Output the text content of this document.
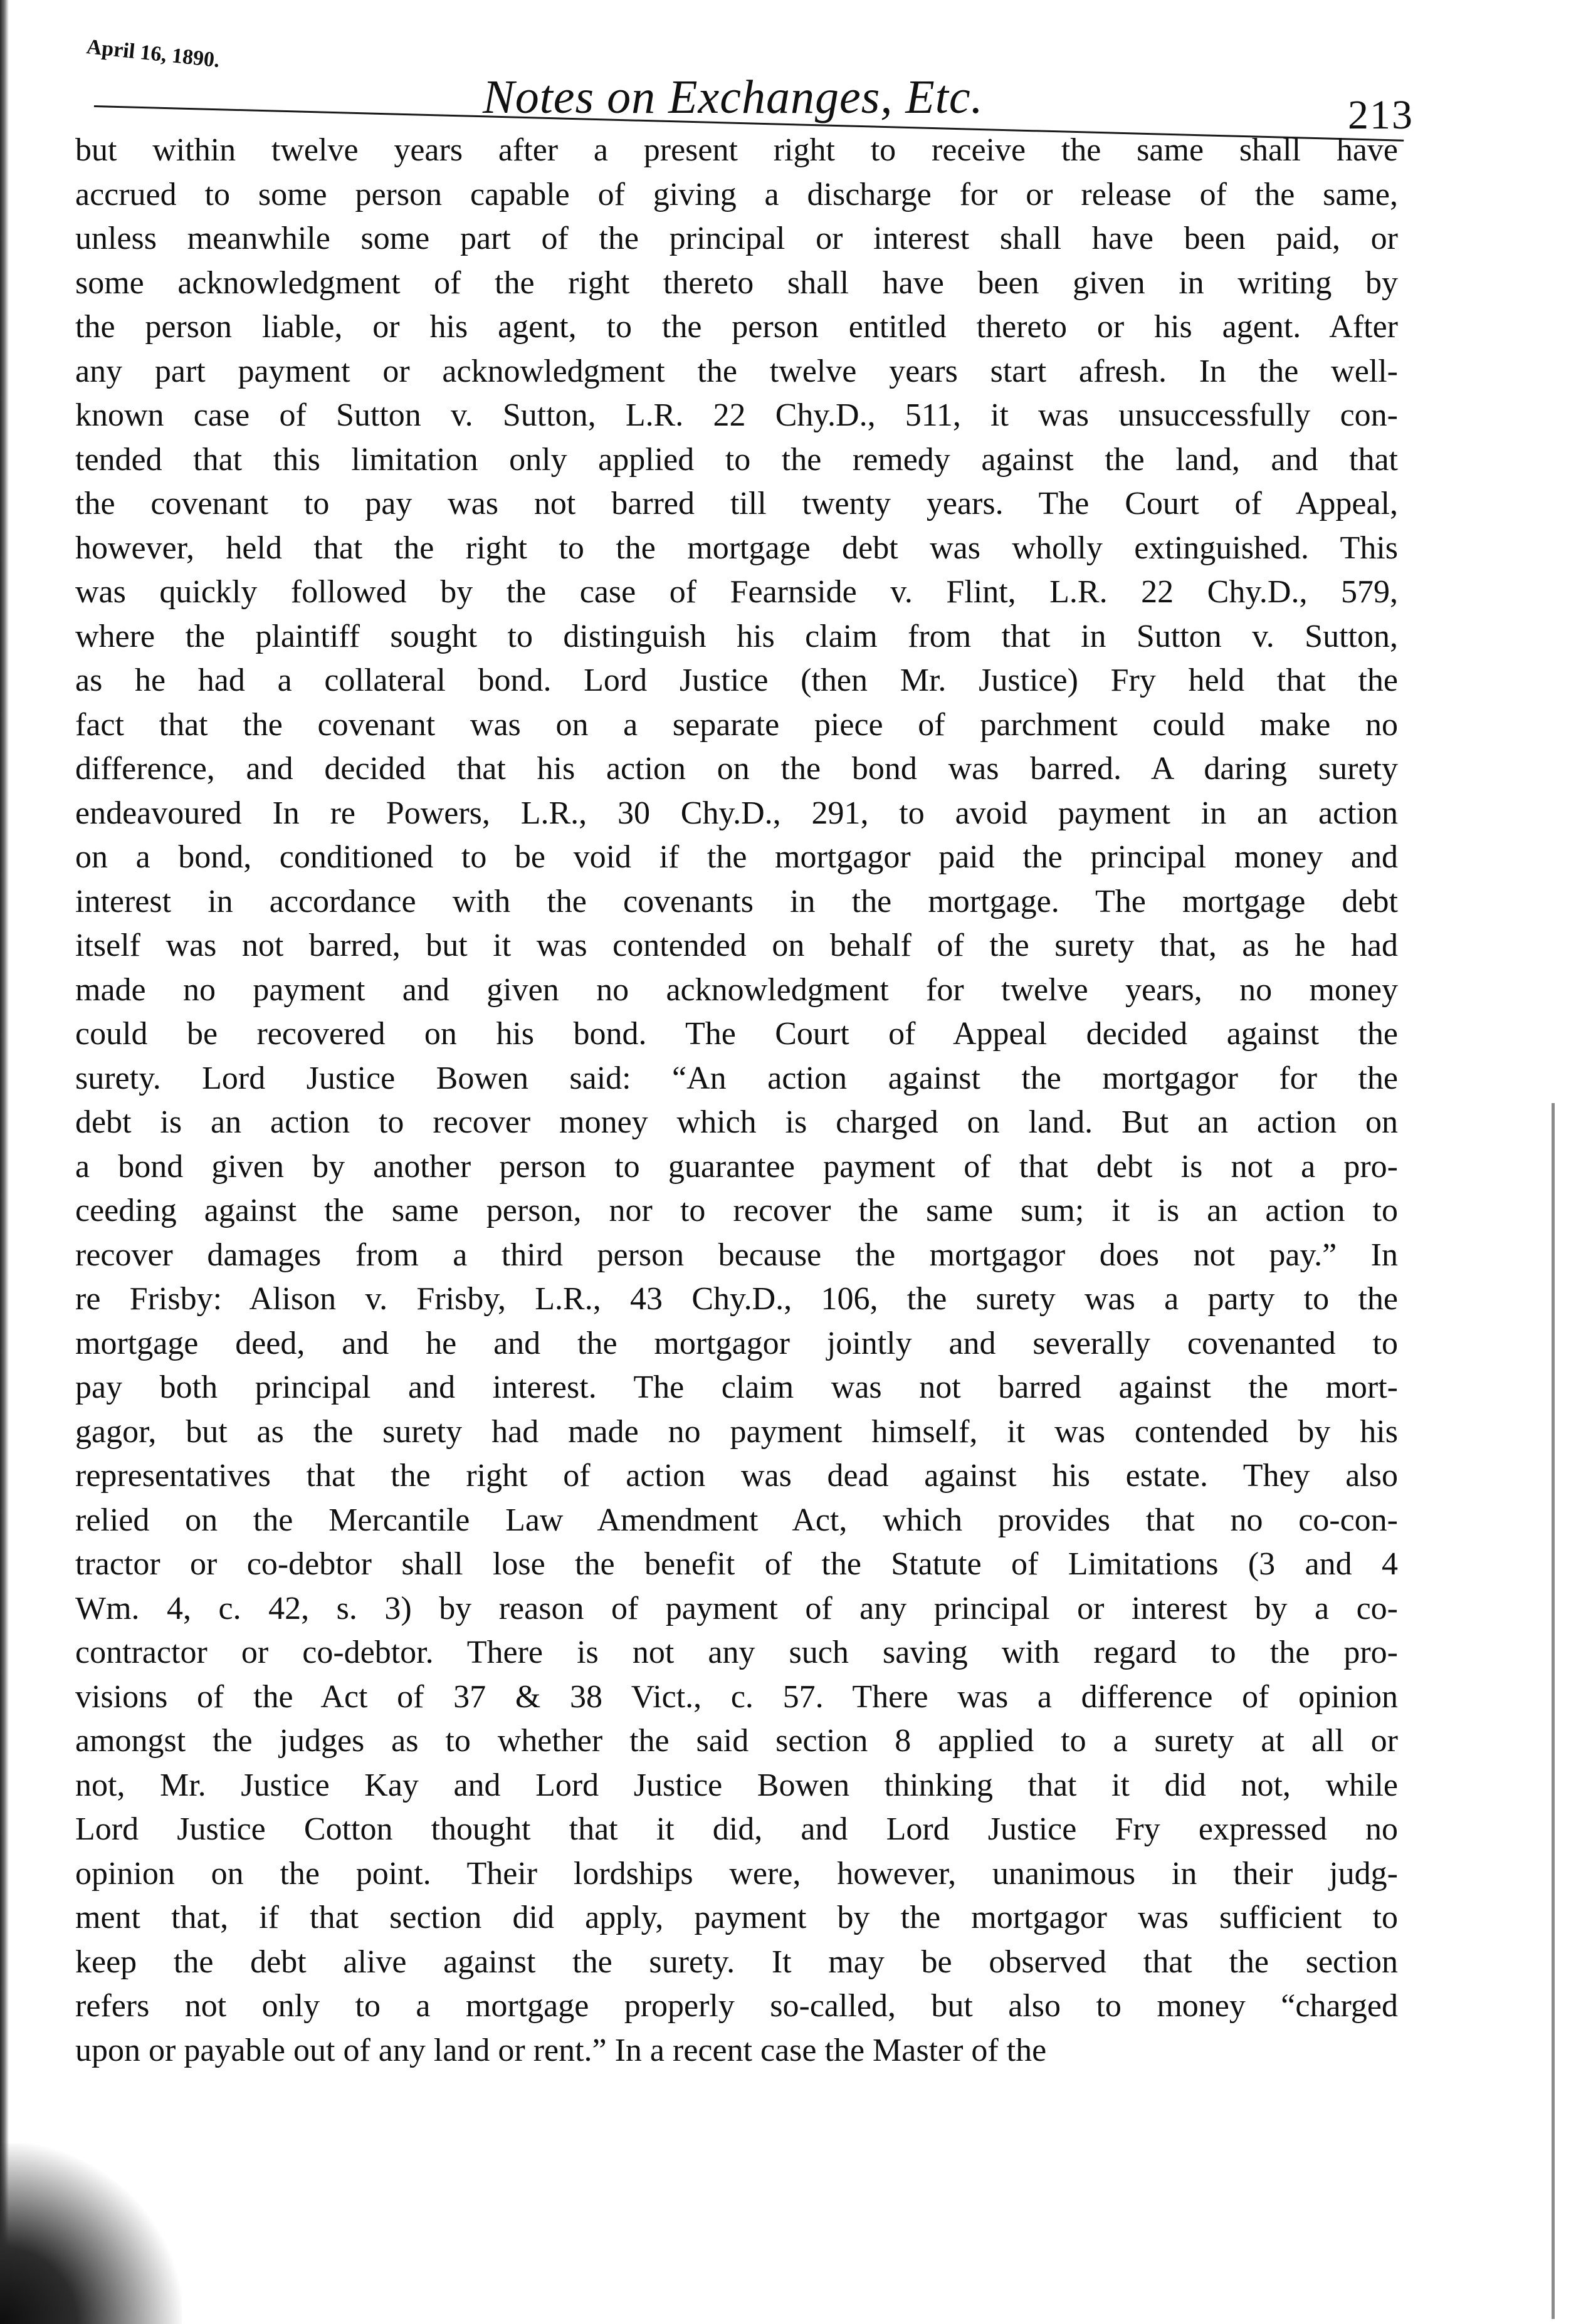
April 16, 1890.
Notes on Exchanges, Etc.	213
but within twelve years after a present right to receive the same shall have
accrued to some person capable of giving a discharge for or release of the same,
unless meanwhile some part of the principal or interest shall have been paid, or
some acknowledgment of the right thereto shall have been given in writing by
the person liable, or his agent, to the person entitled thereto or his agent. After
any part payment or acknowledgment the twelve years start afresh. In the well-
known case of Sutton v. Sutton, L.R. 22 Chy.D., 511, it was unsuccessfully con-
tended that this limitation only applied to the remedy against the land, and that
the covenant to pay was not barred till twenty years. The Court of Appeal,
however, held that the right to the mortgage debt was wholly extinguished. This
was quickly followed by the case of Fearnside v. Flint, L.R. 22 Chy.D., 579,
where the plaintiff sought to distinguish his claim from that in Sutton v. Sutton,
as he had a collateral bond. Lord Justice (then Mr. Justice) Fry held that the
fact that the covenant was on a separate piece of parchment could make no
difference, and decided that his action on the bond was barred. A daring surety
endeavoured In re Powers, L.R., 30 Chy.D., 291, to avoid payment in an action
on a bond, conditioned to be void if the mortgagor paid the principal money and
interest in accordance with the covenants in the mortgage. The mortgage debt
itself was not barred, but it was contended on behalf of the surety that, as he had
made no payment and given no acknowledgment for twelve years, no money
could be recovered on his bond. The Court of Appeal decided against the
surety. Lord Justice Bowen said: “An action against the mortgagor for the
debt is an action to recover money which is charged on land. But an action on
a bond given by another person to guarantee payment of that debt is not a pro-
ceeding against the same person, nor to recover the same sum; it is an action to
recover damages from a third person because the mortgagor does not pay.” In
re Frisby: Alison v. Frisby, L.R., 43 Chy.D., 106, the surety was a party to the
mortgage deed, and he and the mortgagor jointly and severally covenanted to
pay both principal and interest. The claim was not barred against the mort-
gagor, but as the surety had made no payment himself, it was contended by his
representatives that the right of action was dead against his estate. They also
relied on the Mercantile Law Amendment Act, which provides that no co-con-
tractor or co-debtor shall lose the benefit of the Statute of Limitations (3 and 4
Wm. 4, c. 42, s. 3) by reason of payment of any principal or interest by a co-
contractor or co-debtor. There is not any such saving with regard to the pro-
visions of the Act of 37 & 38 Vict., c. 57. There was a difference of opinion
amongst the judges as to whether the said section 8 applied to a surety at all or
not, Mr. Justice Kay and Lord Justice Bowen thinking that it did not, while
Lord Justice Cotton thought that it did, and Lord Justice Fry expressed no
opinion on the point. Their lordships were, however, unanimous in their judg-
ment that, if that section did apply, payment by the mortgagor was sufficient to
keep the debt alive against the surety. It may be observed that the section
refers not only to a mortgage properly so-called, but also to money “charged
upon or payable out of any land or rent.” In a recent case the Master of the
